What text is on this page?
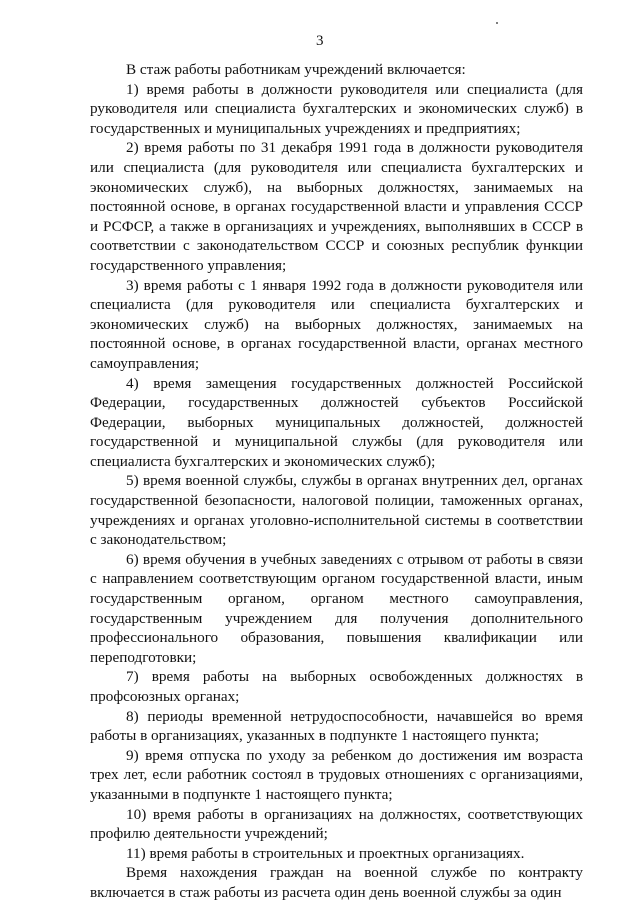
3

В стаж работы работникам учреждений включается:

1) время работы в должности руководителя или специалиста (для руководителя или специалиста бухгалтерских и экономических служб) в государственных и муниципальных учреждениях и предприятиях;

2) время работы по 31 декабря 1991 года в должности руководителя или специалиста (для руководителя или специалиста бухгалтерских и экономических служб), на выборных должностях, занимаемых на постоянной основе, в органах государственной власти и управления СССР и РСФСР, а также в организациях и учреждениях, выполнявших в СССР в соответствии с законодательством СССР и союзных республик функции государственного управления;

3) время работы с 1 января 1992 года в должности руководителя или специалиста (для руководителя или специалиста бухгалтерских и экономических служб) на выборных должностях, занимаемых на постоянной основе, в органах государственной власти, органах местного самоуправления;

4) время замещения государственных должностей Российской Федерации, государственных должностей субъектов Российской Федерации, выборных муниципальных должностей, должностей государственной и муниципальной службы (для руководителя или специалиста бухгалтерских и экономических служб);

5) время военной службы, службы в органах внутренних дел, органах государственной безопасности, налоговой полиции, таможенных органах, учреждениях и органах уголовно-исполнительной системы в соответствии с законодательством;

6) время обучения в учебных заведениях с отрывом от работы в связи с направлением соответствующим органом государственной власти, иным государственным органом, органом местного самоуправления, государственным учреждением для получения дополнительного профессионального образования, повышения квалификации или переподготовки;

7) время работы на выборных освобожденных должностях в профсоюзных органах;

8) периоды временной нетрудоспособности, начавшейся во время работы в организациях, указанных в подпункте 1 настоящего пункта;

9) время отпуска по уходу за ребенком до достижения им возраста трех лет, если работник состоял в трудовых отношениях с организациями, указанными в подпункте 1 настоящего пункта;

10) время работы в организациях на должностях, соответствующих профилю деятельности учреждений;

11) время работы в строительных и проектных организациях.

Время нахождения граждан на военной службе по контракту включается в стаж работы из расчета один день военной службы за один
